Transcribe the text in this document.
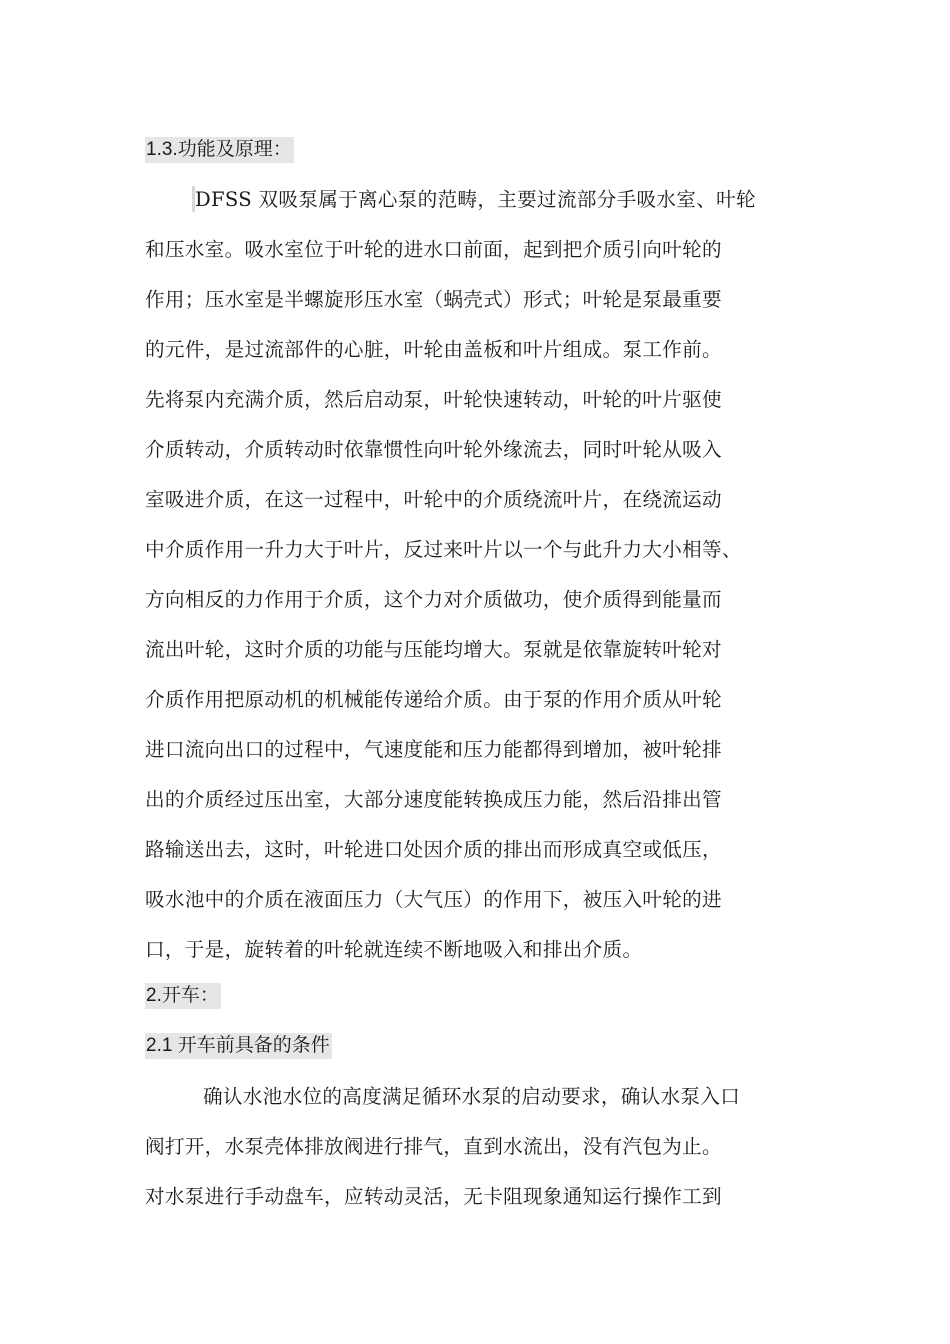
1.3.功能及原理：
DFSS 双吸泵属于离心泵的范畴，主要过流部分手吸水室、叶轮
和压水室。吸水室位于叶轮的进水口前面，起到把介质引向叶轮的
作用；压水室是半螺旋形压水室（蜗壳式）形式；叶轮是泵最重要
的元件，是过流部件的心脏，叶轮由盖板和叶片组成。泵工作前。
先将泵内充满介质，然后启动泵，叶轮快速转动，叶轮的叶片驱使
介质转动，介质转动时依靠惯性向叶轮外缘流去，同时叶轮从吸入
室吸进介质，在这一过程中，叶轮中的介质绕流叶片，在绕流运动
中介质作用一升力大于叶片，反过来叶片以一个与此升力大小相等、
方向相反的力作用于介质，这个力对介质做功，使介质得到能量而
流出叶轮，这时介质的功能与压能均增大。泵就是依靠旋转叶轮对
介质作用把原动机的机械能传递给介质。由于泵的作用介质从叶轮
进口流向出口的过程中，气速度能和压力能都得到增加，被叶轮排
出的介质经过压出室，大部分速度能转换成压力能，然后沿排出管
路输送出去，这时，叶轮进口处因介质的排出而形成真空或低压，
吸水池中的介质在液面压力（大气压）的作用下，被压入叶轮的进
口，于是，旋转着的叶轮就连续不断地吸入和排出介质。
2.开车：
2.1 开车前具备的条件
确认水池水位的高度满足循环水泵的启动要求，确认水泵入口
阀打开，水泵壳体排放阀进行排气，直到水流出，没有汽包为止。
对水泵进行手动盘车，应转动灵活，无卡阻现象通知运行操作工到
